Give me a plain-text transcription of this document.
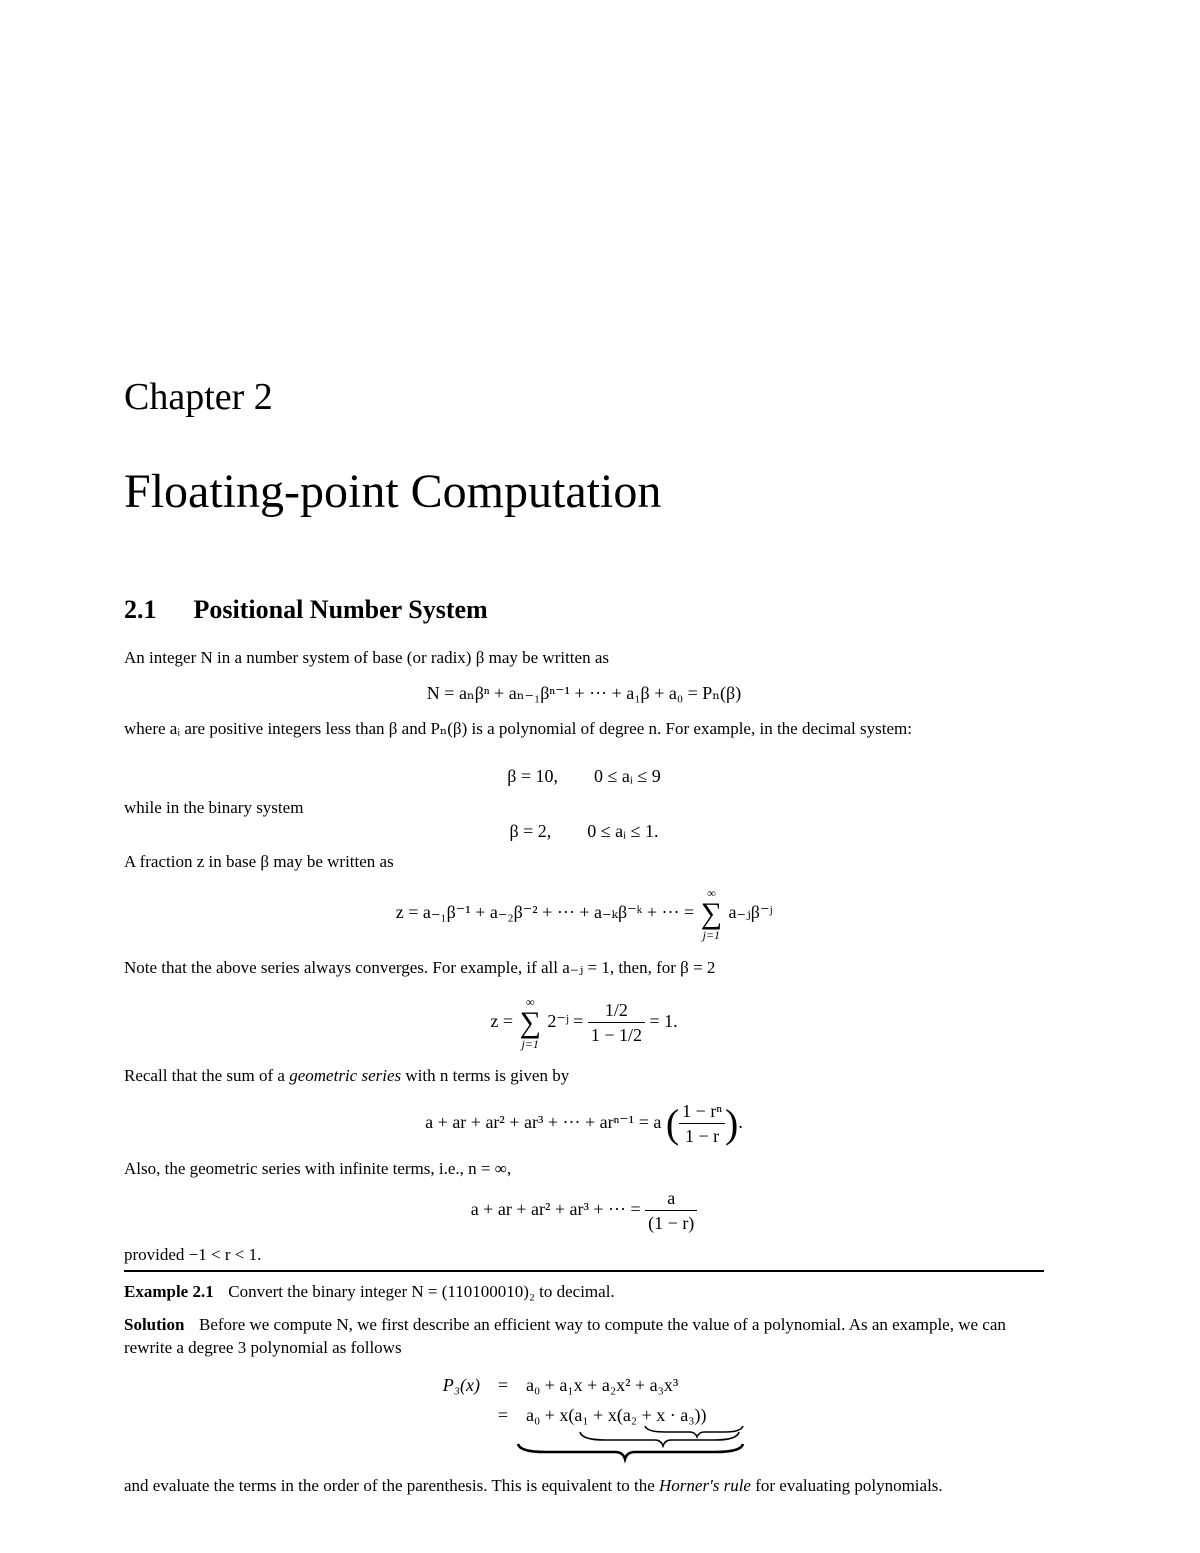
Chapter 2
Floating-point Computation
2.1 Positional Number System
An integer N in a number system of base (or radix) β may be written as
N = aₙβⁿ + aₙ₋₁βⁿ⁻¹ + ··· + a₁β + a₀ = Pₙ(β)
where aᵢ are positive integers less than β and Pₙ(β) is a polynomial of degree n. For example, in the decimal system:
β = 10,        0 ≤ aᵢ ≤ 9
while in the binary system
β = 2,        0 ≤ aᵢ ≤ 1.
A fraction z in base β may be written as
z = a₋₁β⁻¹ + a₋₂β⁻² + ··· + a₋ₖβ⁻ᵏ + ··· =
∞
∑
j=1
a₋ⱼβ⁻ʲ
Note that the above series always converges. For example, if all a₋ⱼ = 1, then, for β = 2
z =
∞
∑
j=1
2⁻ʲ = $\frac{1/2}{1 - 1/2} = 1$.
Recall that the sum of a geometric series with n terms is given by
a + ar + ar² + ar³ + ··· + arⁿ⁻¹ = a ( $\frac{\text{1 − rⁿ}}{1 - r}$ ).
Also, the geometric series with infinite terms, i.e., n = ∞,
a + ar + ar² + ar³ + ··· = $\frac{a}{(1 - r)}$
provided −1 < r < 1.
Example 2.1 Convert the binary integer N = (110100010)₂ to decimal.
Solution Before we compute N, we first describe an efficient way to compute the value of a polynomial. As an example, we can rewrite a degree 3 polynomial as follows
P₃(x) = a₀ + a₁x + a₂x² + a₃x³
= a₀ + x(a₁ + x(a₂ + x · a₃))
and evaluate the terms in the order of the parenthesis. This is equivalent to the Horner's rule for evaluating polynomials.
